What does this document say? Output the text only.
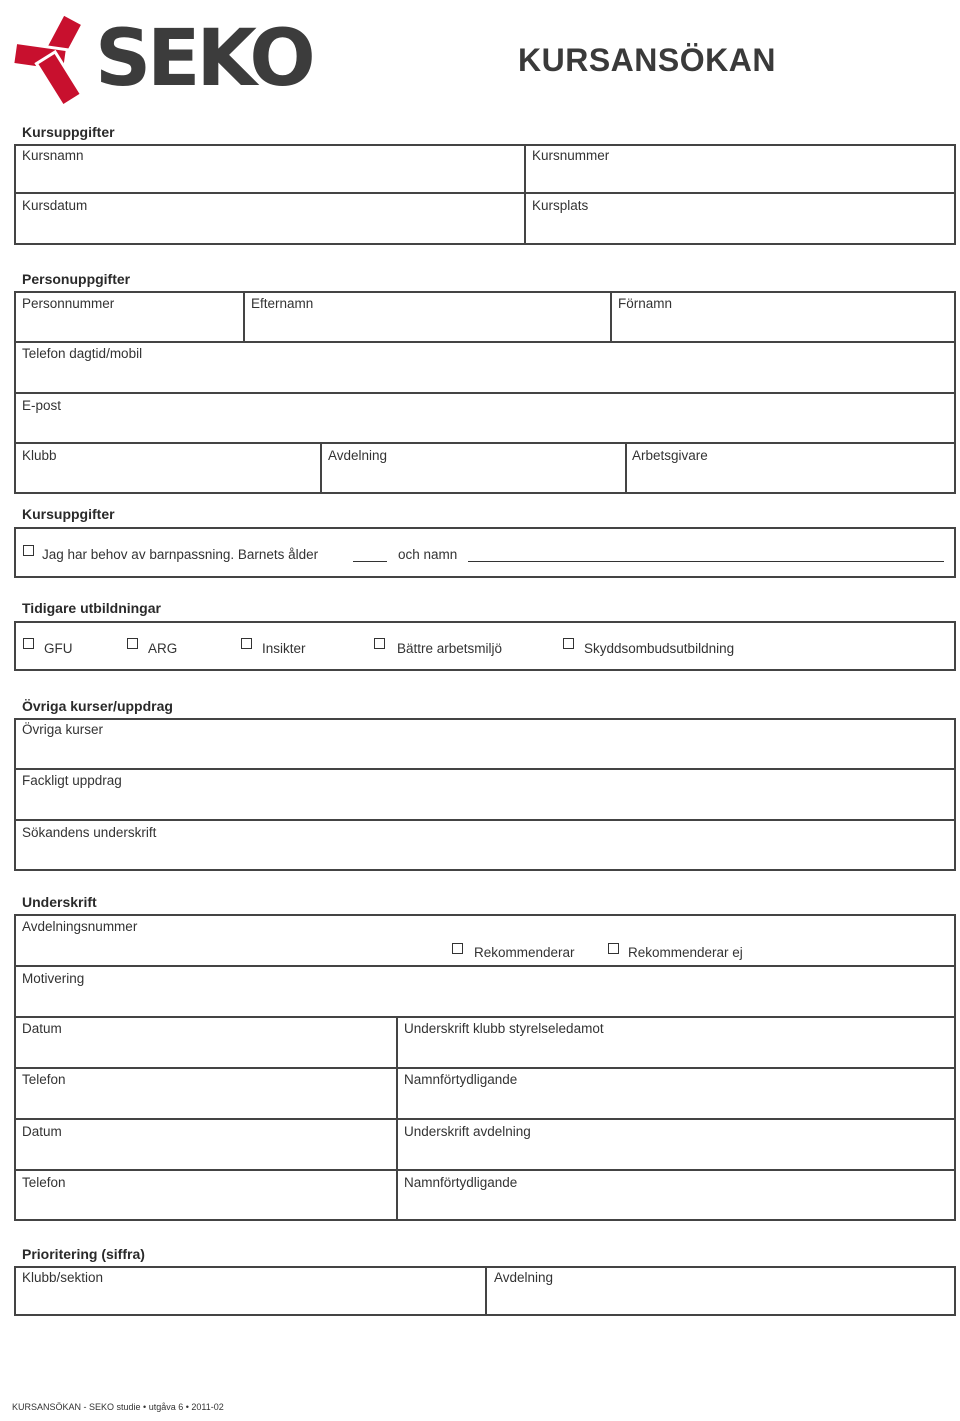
SEKO	KURSANSÖKAN
Kursuppgifter
Kursnamn	Kursnummer
Kursdatum	Kursplats
Personuppgifter
Personnummer	Efternamn	Förnamn
Telefon dagtid/mobil
E-post
Klubb	Avdelning	Arbetsgivare
Kursuppgifter
Jag har behov av barnpassning. Barnets ålder	och namn
Tidigare utbildningar
GFU	ARG	Insikter	Bättre arbetsmiljö	Skyddsombudsutbildning
Övriga kurser/uppdrag
Övriga kurser
Fackligt uppdrag
Sökandens underskrift
Underskrift
Avdelningsnummer
Rekommenderar	Rekommenderar ej
Motivering
Datum	Underskrift klubb styrelseledamot
Telefon	Namnförtydligande
Datum	Underskrift avdelning
Telefon	Namnförtydligande
Prioritering (siffra)
Klubb/sektion	Avdelning
KURSANSÖKAN - SEKO studie • utgåva 6 • 2011-02
